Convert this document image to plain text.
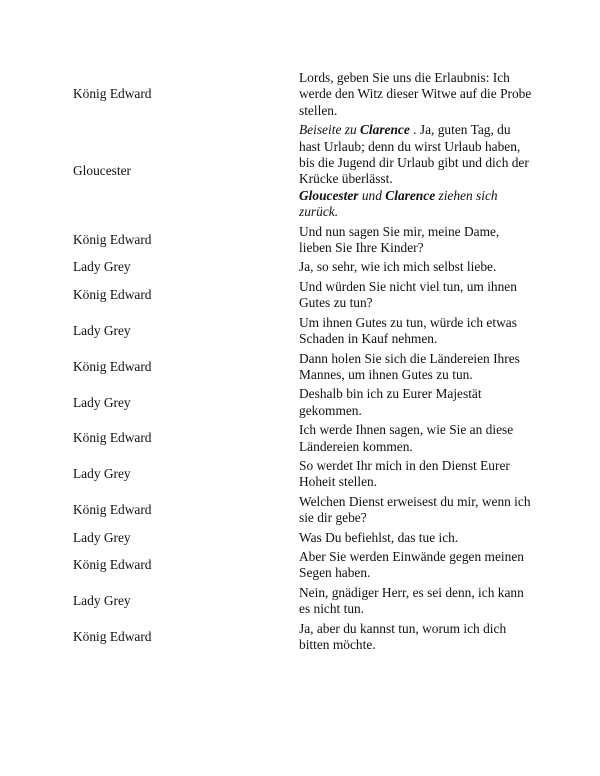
König Edward	Lords, geben Sie uns die Erlaubnis: Ich werde den Witz dieser Witwe auf die Probe stellen.
Gloucester	Beiseite zu Clarence . Ja, guten Tag, du hast Urlaub; denn du wirst Urlaub haben,
bis die Jugend dir Urlaub gibt und dich der Krücke überlässt.
Gloucester und Clarence ziehen sich zurück.
König Edward	Und nun sagen Sie mir, meine Dame, lieben Sie Ihre Kinder?
Lady Grey	Ja, so sehr, wie ich mich selbst liebe.
König Edward	Und würden Sie nicht viel tun, um ihnen Gutes zu tun?
Lady Grey	Um ihnen Gutes zu tun, würde ich etwas Schaden in Kauf nehmen.
König Edward	Dann holen Sie sich die Ländereien Ihres Mannes, um ihnen Gutes zu tun.
Lady Grey	Deshalb bin ich zu Eurer Majestät gekommen.
König Edward	Ich werde Ihnen sagen, wie Sie an diese Ländereien kommen.
Lady Grey	So werdet Ihr mich in den Dienst Eurer Hoheit stellen.
König Edward	Welchen Dienst erweisest du mir, wenn ich sie dir gebe?
Lady Grey	Was Du befiehlst, das tue ich.
König Edward	Aber Sie werden Einwände gegen meinen Segen haben.
Lady Grey	Nein, gnädiger Herr, es sei denn, ich kann es nicht tun.
König Edward	Ja, aber du kannst tun, worum ich dich bitten möchte.
